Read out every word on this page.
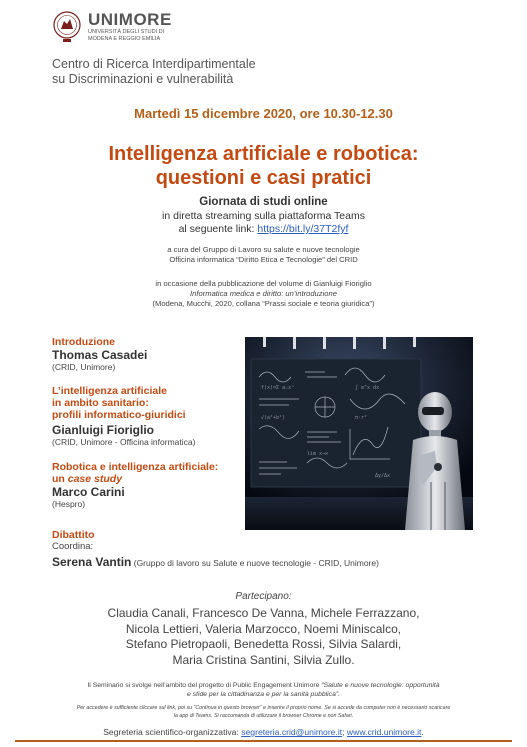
UNIMORE
UNIVERSITÀ DEGLI STUDI DI
MODENA E REGGIO EMILIA
Centro di Ricerca Interdipartimentale
su Discriminazioni e vulnerabilità
Martedì 15 dicembre 2020, ore 10.30-12.30
Intelligenza artificiale e robotica:
questioni e casi pratici
Giornata di studi online
in diretta streaming sulla piattaforma Teams
al seguente link: https://bit.ly/37T2fyf
a cura del Gruppo di Lavoro su salute e nuove tecnologie
Officina informatica “Diritto Etica e Tecnologie” del CRID
in occasione della pubblicazione del volume di Gianluigi Fioriglio
Informatica medica e diritto: un’introduzione
(Modena, Mucchi, 2020, collana “Prassi sociale e teoria giuridica”)
Introduzione
Thomas Casadei
(CRID, Unimore)
L’intelligenza artificiale
in ambito sanitario:
profili informatico-giuridici
Gianluigi Fioriglio
(CRID, Unimore - Officina informatica)
Robotica e intelligenza artificiale:
un case study
Marco Carini
(Hespro)
Dibattito
Coordina:
Serena Vantin (Gruppo di lavoro su Salute e nuove tecnologie - CRID, Unimore)
f(x)=Σ aₙxⁿ	∫ e^x dx
√(a²+b²)	π·r²
lim x→∞
Δy/Δx
Partecipano:
Claudia Canali, Francesco De Vanna, Michele Ferrazzano,
Nicola Lettieri, Valeria Marzocco, Noemi Miniscalco,
Stefano Pietropaoli, Benedetta Rossi, Silvia Salardi,
Maria Cristina Santini, Silvia Zullo.
Il Seminario si svolge nell’ambito del progetto di Public Engagement Unimore “Salute e nuove tecnologie: opportunità
e sfide per la cittadinanza e per la sanità pubblica”.
Per accedere è sufficiente cliccare sul link, poi su “Continua in questo browser” e inserire il proprio nome. Se si accede da computer non è necessario scaricare
la app di Teams. Si raccomanda di utilizzare il browser Chrome e non Safari.
Segreteria scientifico-organizzativa: segreteria.crid@unimore.it; www.crid.unimore.it.
